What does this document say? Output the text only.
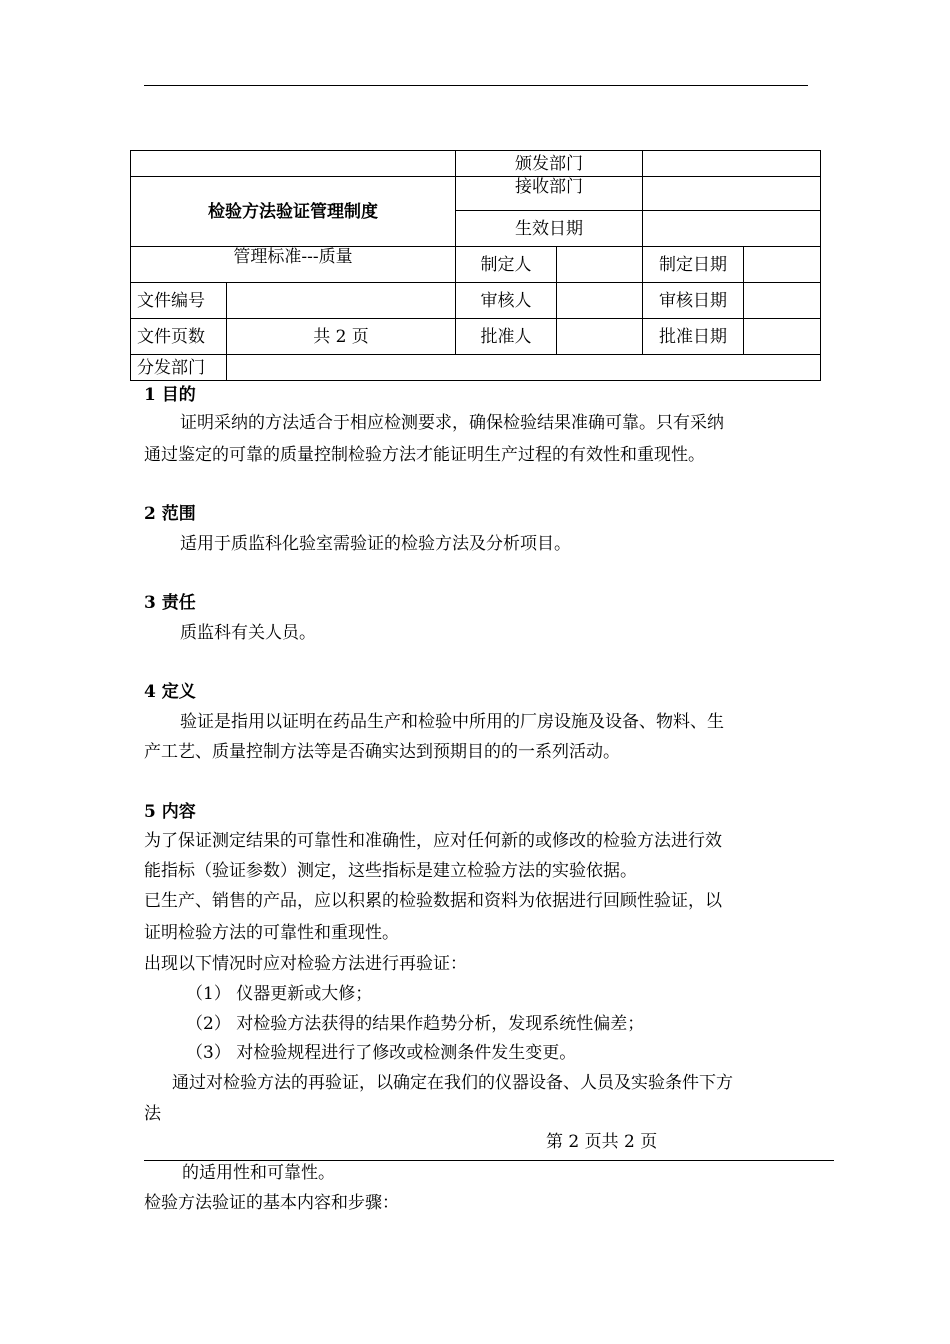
		颁发部门			
检验方法验证管理制度		接收部门			
		生效日期			
管理标准---质量		制定人		制定日期	
文件编号		审核人		审核日期	
文件页数	共 2 页	批准人		批准日期	
分发部门					
1 目的
证明采纳的方法适合于相应检测要求，确保检验结果准确可靠。只有采纳
通过鉴定的可靠的质量控制检验方法才能证明生产过程的有效性和重现性。
2 范围
适用于质监科化验室需验证的检验方法及分析项目。
3 责任
质监科有关人员。
4 定义
验证是指用以证明在药品生产和检验中所用的厂房设施及设备、物料、生
产工艺、质量控制方法等是否确实达到预期目的的一系列活动。
5 内容
为了保证测定结果的可靠性和准确性，应对任何新的或修改的检验方法进行效
能指标（验证参数）测定，这些指标是建立检验方法的实验依据。
已生产、销售的产品，应以积累的检验数据和资料为依据进行回顾性验证，以
证明检验方法的可靠性和重现性。
出现以下情况时应对检验方法进行再验证：
（1） 仪器更新或大修；
（2） 对检验方法获得的结果作趋势分析，发现系统性偏差；
（3） 对检验规程进行了修改或检测条件发生变更。
通过对检验方法的再验证，以确定在我们的仪器设备、人员及实验条件下方
法
第 2 页共 2 页
的适用性和可靠性。
检验方法验证的基本内容和步骤：
